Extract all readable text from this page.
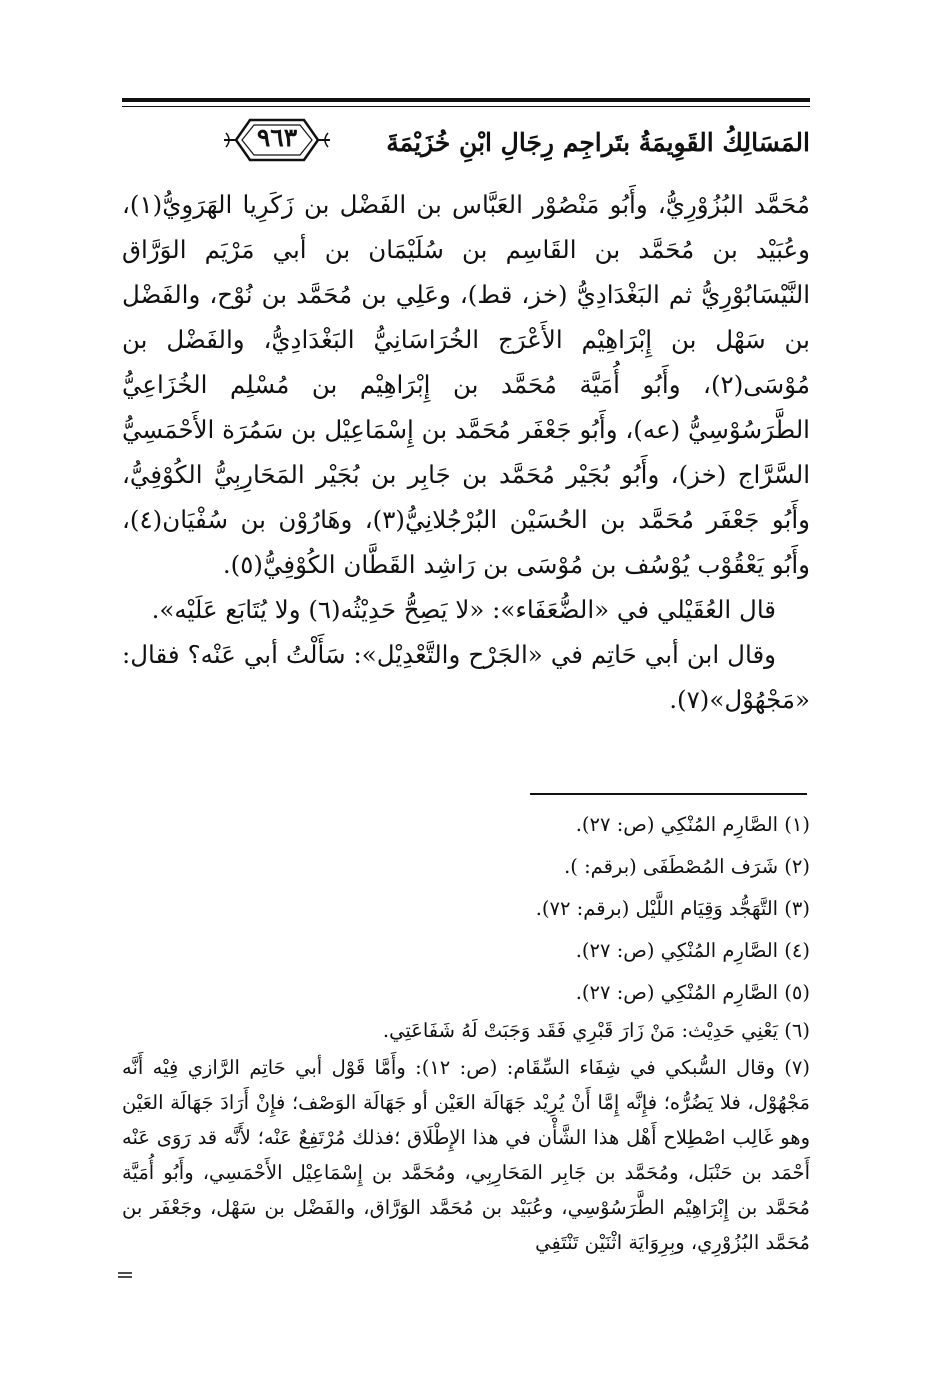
٩٦٣	المَسَالِكُ القَوِيمَةُ بتَراجِم رِجَالِ ابْنِ خُزَيْمَةَ

مُحَمَّد البُزُوْرِيُّ، وأَبُو مَنْصُوْر العَبَّاس بن الفَضْل بن زَكَرِيا الهَرَوِيُّ(١)، وعُبَيْد بن مُحَمَّد بن القَاسِم بن سُلَيْمَان بن أبي مَرْيَم الوَرَّاق النَّيْسَابُوْرِيُّ ثم البَغْدَادِيُّ (خز، قط)، وعَلِي بن مُحَمَّد بن نُوْح، والفَضْل بن سَهْل بن إِبْرَاهِيْم الأَعْرَج الخُرَاسَانِيُّ البَغْدَادِيُّ، والفَضْل بن مُوْسَى(٢)، وأَبُو أُمَيَّة مُحَمَّد بن إِبْرَاهِيْم بن مُسْلِم الخُزَاعِيُّ الطَّرَسُوْسِيُّ (عه)، وأَبُو جَعْفَر مُحَمَّد بن إِسْمَاعِيْل بن سَمُرَة الأَحْمَسِيُّ السَّرَّاج (خز)، وأَبُو بُجَيْر مُحَمَّد بن جَابِر بن بُجَيْر المَحَارِبِيُّ الكُوْفِيُّ، وأَبُو جَعْفَر مُحَمَّد بن الحُسَيْن البُرْجُلانِيُّ(٣)، وهَارُوْن بن سُفْيَان(٤)، وأَبُو يَعْقُوْب يُوْسُف بن مُوْسَى بن رَاشِد القَطَّان الكُوْفِيُّ(٥).

قال العُقَيْلي في «الضُّعَفَاء»: «لا يَصِحُّ حَدِيْثُه(٦) ولا يُتَابَع عَلَيْه».

وقال ابن أبي حَاتِم في «الجَرْح والتَّعْدِيْل»: سَأَلْتُ أبي عَنْه؟ فقال: «مَجْهُوْل»(٧).

(١) الصَّارِم المُنْكِي (ص: ٢٧).
(٢) شَرَف المُصْطَفَى (برقم: ).
(٣) التَّهَجُّد وَقِيَام اللَّيْل (برقم: ٧٢).
(٤) الصَّارِم المُنْكِي (ص: ٢٧).
(٥) الصَّارِم المُنْكِي (ص: ٢٧).
(٦) يَعْنِي حَدِيْث: مَنْ زَارَ قَبْرِي فَقَد وَجَبَتْ لَهُ شَفَاعَتِي.
(٧) وقال السُّبكي في شِفَاء السِّقَام: (ص: ١٢): وأَمَّا قَوْل أبي حَاتِم الرَّازي فِيْه أَنَّه مَجْهُوْل، فلا يَضُرُّه؛ فإِنَّه إِمَّا أَنْ يُرِيْد جَهَالَة العَيْن أو جَهَالَة الوَصْف؛ فإِنْ أَرَادَ جَهَالَة العَيْن وهو غَالِب اصْطِلاح أَهْل هذا الشَّأْن في هذا الإِطْلَاق ؛فذلك مُرْتَفِعٌ عَنْه؛ لأَنَّه قد رَوَى عَنْه أَحْمَد بن حَنْبَل، ومُحَمَّد بن جَابِر المَحَارِبِي، ومُحَمَّد بن إِسْمَاعِيْل الأَحْمَسِي، وأَبُو أُمَيَّة مُحَمَّد بن إِبْرَاهِيْم الطَّرَسُوْسِي، وعُبَيْد بن مُحَمَّد الوَرَّاق، والفَضْل بن سَهْل، وجَعْفَر بن مُحَمَّد البُزُوْرِي، وبِرِوَايَة اثْنَيْن تَنْتَفِي
